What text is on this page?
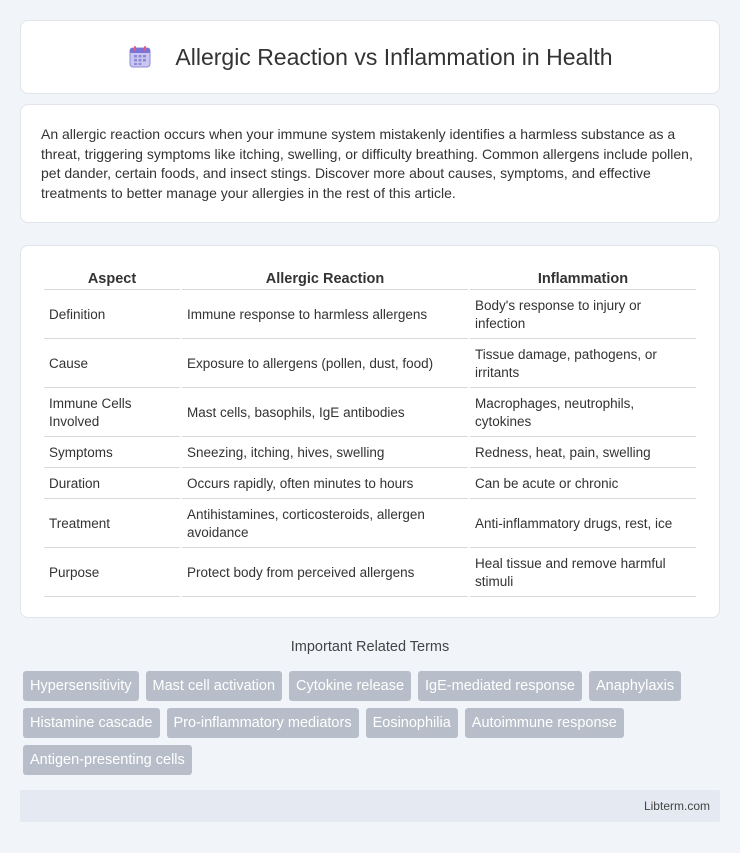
Allergic Reaction vs Inflammation in Health

An allergic reaction occurs when your immune system mistakenly identifies a harmless substance as a threat, triggering symptoms like itching, swelling, or difficulty breathing. Common allergens include pollen, pet dander, certain foods, and insect stings. Discover more about causes, symptoms, and effective treatments to better manage your allergies in the rest of this article.

Aspect	Allergic Reaction	Inflammation
Definition	Immune response to harmless allergens	Body's response to injury or infection
Cause	Exposure to allergens (pollen, dust, food)	Tissue damage, pathogens, or irritants
Immune Cells Involved	Mast cells, basophils, IgE antibodies	Macrophages, neutrophils, cytokines
Symptoms	Sneezing, itching, hives, swelling	Redness, heat, pain, swelling
Duration	Occurs rapidly, often minutes to hours	Can be acute or chronic
Treatment	Antihistamines, corticosteroids, allergen avoidance	Anti-inflammatory drugs, rest, ice
Purpose	Protect body from perceived allergens	Heal tissue and remove harmful stimuli
Important Related Terms
Hypersensitivity	Mast cell activation	Cytokine release	IgE-mediated response	Anaphylaxis
Histamine cascade	Pro-inflammatory mediators	Eosinophilia	Autoimmune response
Antigen-presenting cells
Libterm.com
